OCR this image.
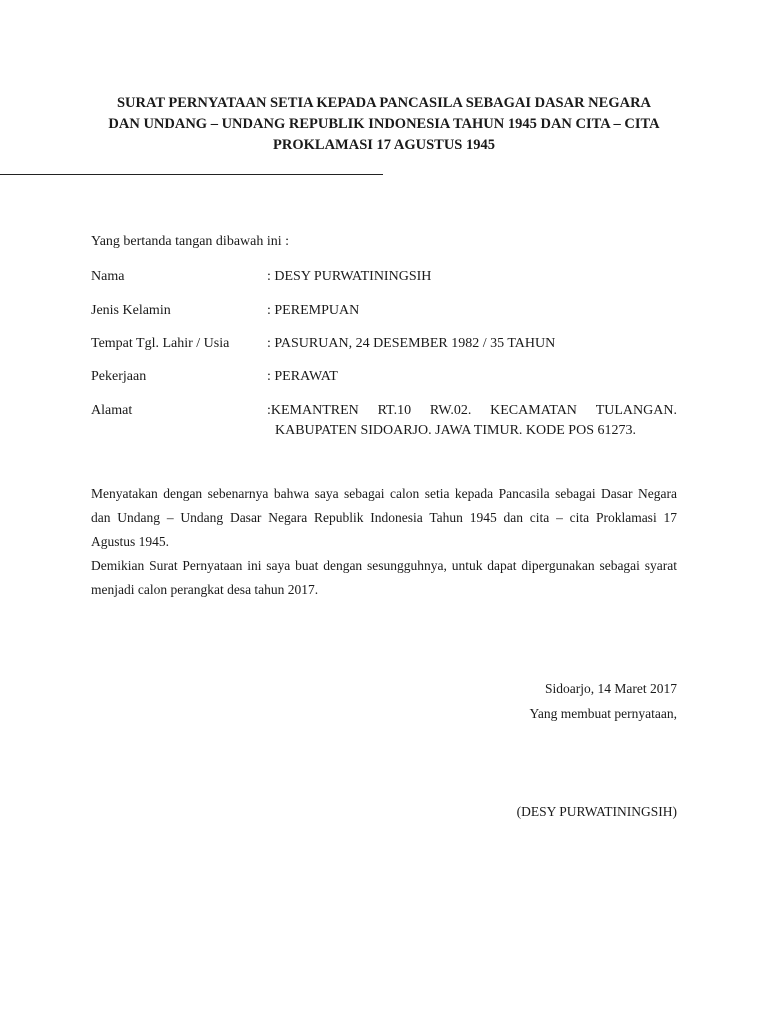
SURAT PERNYATAAN SETIA KEPADA PANCASILA SEBAGAI DASAR NEGARA
DAN UNDANG – UNDANG REPUBLIK INDONESIA TAHUN 1945 DAN CITA – CITA
PROKLAMASI 17 AGUSTUS 1945
Yang bertanda tangan dibawah ini :
Nama	: DESY PURWATININGSIH
Jenis Kelamin	: PEREMPUAN
Tempat Tgl. Lahir / Usia	: PASURUAN, 24 DESEMBER 1982 / 35 TAHUN
Pekerjaan	: PERAWAT
Alamat	:KEMANTREN RT.10 RW.02. KECAMATAN TULANGAN.
KABUPATEN SIDOARJO. JAWA TIMUR. KODE POS 61273.
Menyatakan dengan sebenarnya bahwa saya sebagai calon setia kepada Pancasila sebagai Dasar Negara
dan Undang – Undang Dasar Negara Republik Indonesia Tahun 1945 dan cita – cita Proklamasi 17
Agustus 1945.
Demikian Surat Pernyataan ini saya buat dengan sesungguhnya, untuk dapat dipergunakan sebagai syarat
menjadi calon perangkat desa tahun 2017.
Sidoarjo, 14 Maret 2017
Yang membuat pernyataan,
(DESY PURWATININGSIH)
